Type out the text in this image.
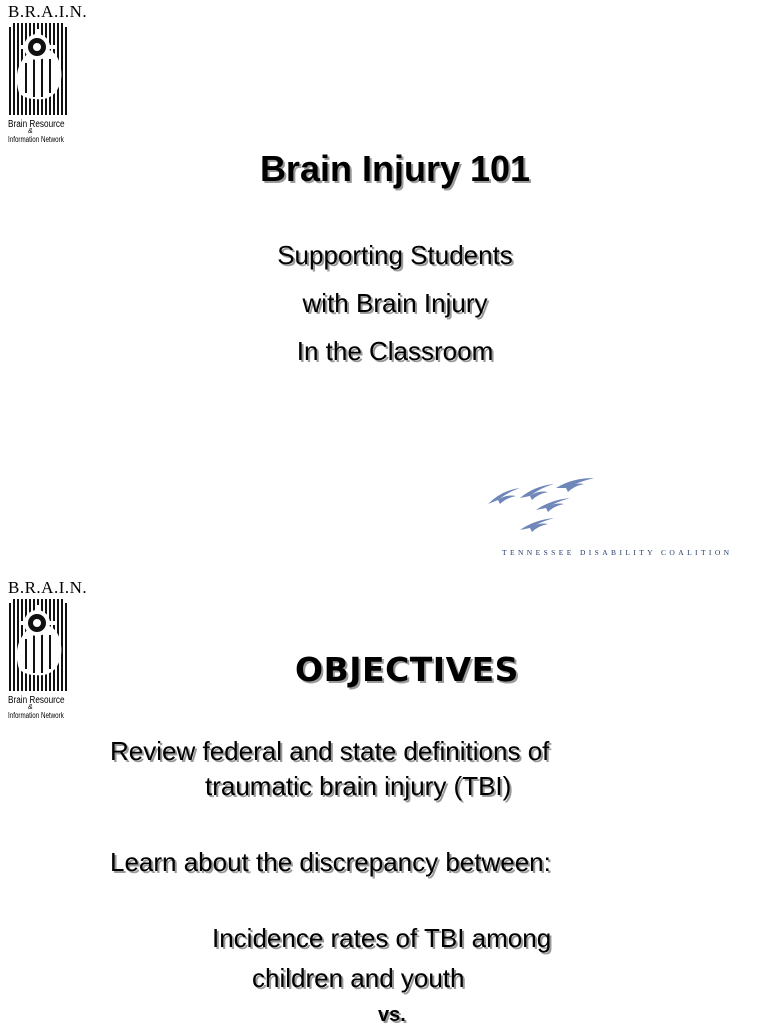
B.R.A.I.N.
Brain Resource
&
Information Network
Brain Injury 101
Supporting Students
with Brain Injury
In the Classroom
TENNESSEE DISABILITY COALITION
B.R.A.I.N.
Brain Resource
&
Information Network
OBJECTIVES
Review federal and state definitions of
traumatic brain injury (TBI)
Learn about the discrepancy between:
Incidence rates of TBI among
children and youth
vs.
